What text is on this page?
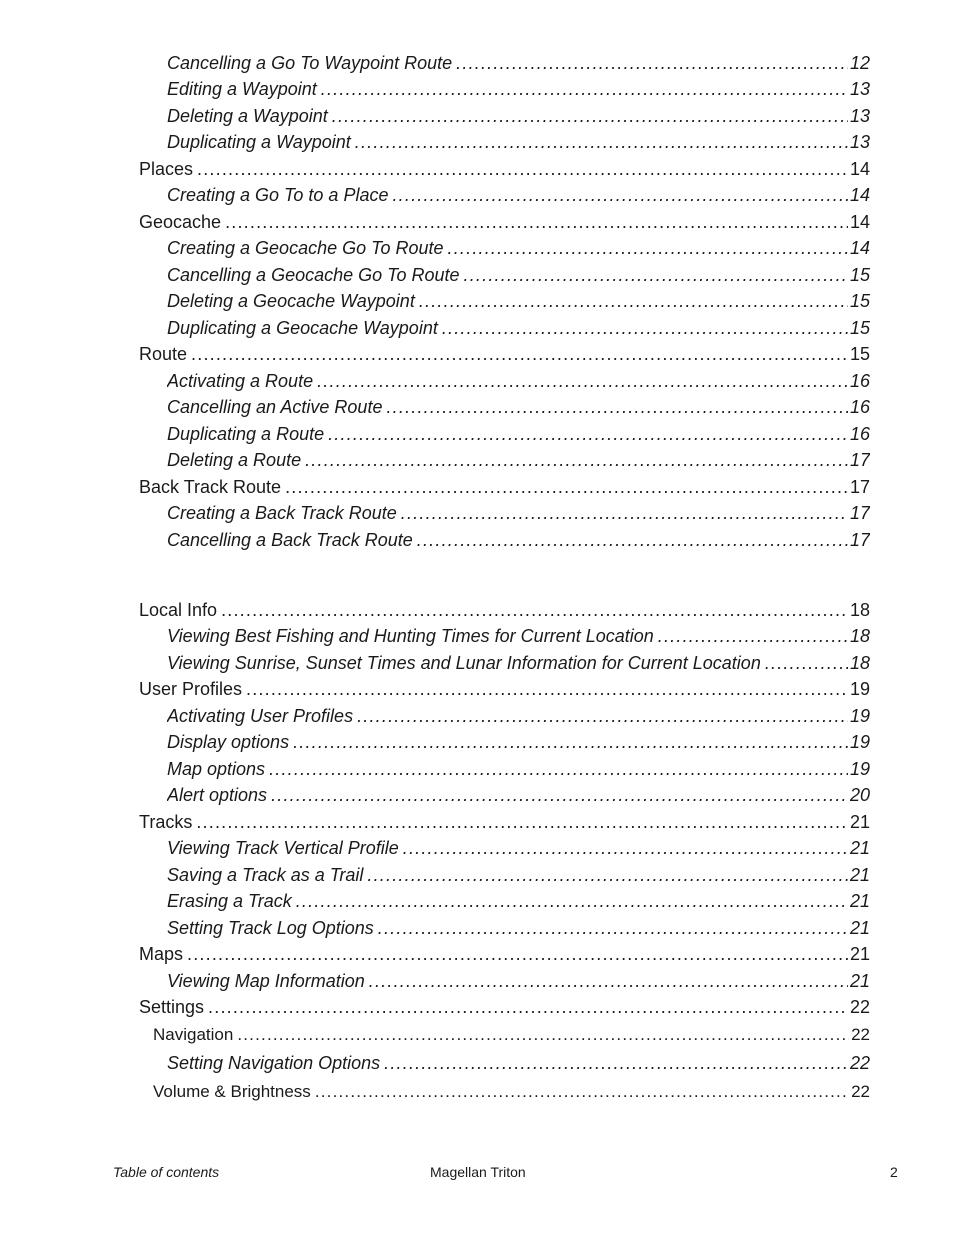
Cancelling a Go To Waypoint Route .....	12
Editing a Waypoint .....	13
Deleting a Waypoint .....	13
Duplicating a Waypoint .....	13
Places .....	14
Creating a Go To to a Place .....	14
Geocache .....	14
Creating a Geocache Go To Route .....	14
Cancelling a Geocache Go To Route .....	15
Deleting a Geocache Waypoint .....	15
Duplicating a Geocache Waypoint .....	15
Route .....	15
Activating a Route .....	16
Cancelling an Active Route .....	16
Duplicating a Route .....	16
Deleting a Route .....	17
Back Track Route .....	17
Creating a Back Track Route .....	17
Cancelling a Back Track Route .....	17
Local Info .....	18
Viewing Best Fishing and Hunting Times for Current Location .....	18
Viewing Sunrise, Sunset Times and Lunar Information for Current Location .....	18
User Profiles .....	19
Activating User Profiles .....	19
Display options .....	19
Map options .....	19
Alert options .....	20
Tracks .....	21
Viewing Track Vertical Profile .....	21
Saving a Track as a Trail .....	21
Erasing a Track .....	21
Setting Track Log Options .....	21
Maps .....	21
Viewing Map Information .....	21
Settings .....	22
Navigation .....	22
Setting Navigation Options .....	22
Volume & Brightness .....	22
Table of contents	Magellan Triton	2
